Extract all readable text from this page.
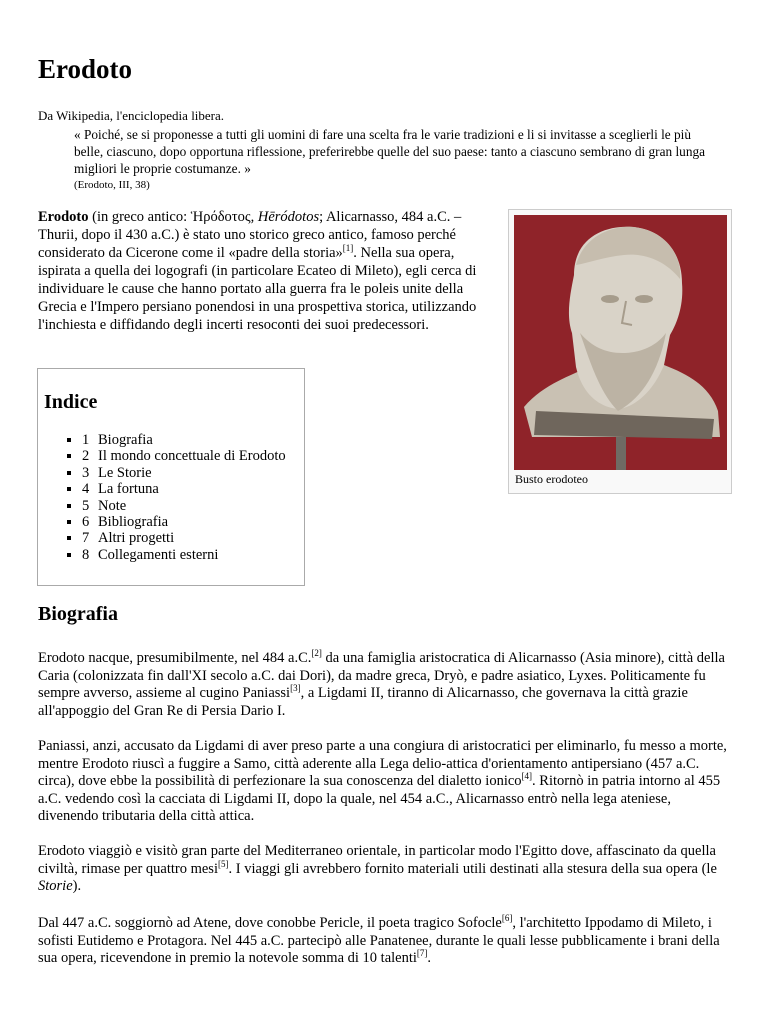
Erodoto
Da Wikipedia, l'enciclopedia libera.
« Poiché, se si proponesse a tutti gli uomini di fare una scelta fra le varie tradizioni e li si invitasse a sceglierli le più belle, ciascuno, dopo opportuna riflessione, preferirebbe quelle del suo paese: tanto a ciascuno sembrano di gran lunga migliori le proprie costumanze. »
(Erodoto, III, 38)
Erodoto (in greco antico: Ἡρόδοτος, Hēródotos; Alicarnasso, 484 a.C. – Thurii, dopo il 430 a.C.) è stato uno storico greco antico, famoso perché considerato da Cicerone come il «padre della storia»[1]. Nella sua opera, ispirata a quella dei logografi (in particolare Ecateo di Mileto), egli cerca di individuare le cause che hanno portato alla guerra fra le poleis unite della Grecia e l'Impero persiano ponendosi in una prospettiva storica, utilizzando l'inchiesta e diffidando degli incerti resoconti dei suoi predecessori.
Busto erodoteo
Indice
▪ 1 Biografia
▪ 2 Il mondo concettuale di Erodoto
▪ 3 Le Storie
▪ 4 La fortuna
▪ 5 Note
▪ 6 Bibliografia
▪ 7 Altri progetti
▪ 8 Collegamenti esterni
Biografia
Erodoto nacque, presumibilmente, nel 484 a.C.[2] da una famiglia aristocratica di Alicarnasso (Asia minore), città della Caria (colonizzata fin dall'XI secolo a.C. dai Dori), da madre greca, Dryò, e padre asiatico, Lyxes. Politicamente fu sempre avverso, assieme al cugino Paniassi[3], a Ligdami II, tiranno di Alicarnasso, che governava la città grazie all'appoggio del Gran Re di Persia Dario I.
Paniassi, anzi, accusato da Ligdami di aver preso parte a una congiura di aristocratici per eliminarlo, fu messo a morte, mentre Erodoto riuscì a fuggire a Samo, città aderente alla Lega delio-attica d'orientamento antipersiano (457 a.C. circa), dove ebbe la possibilità di perfezionare la sua conoscenza del dialetto ionico[4]. Ritornò in patria intorno al 455 a.C. vedendo così la cacciata di Ligdami II, dopo la quale, nel 454 a.C., Alicarnasso entrò nella lega ateniese, divenendo tributaria della città attica.
Erodoto viaggiò e visitò gran parte del Mediterraneo orientale, in particolar modo l'Egitto dove, affascinato da quella civiltà, rimase per quattro mesi[5]. I viaggi gli avrebbero fornito materiali utili destinati alla stesura della sua opera (le Storie).
Dal 447 a.C. soggiornò ad Atene, dove conobbe Pericle, il poeta tragico Sofocle[6], l'architetto Ippodamo di Mileto, i sofisti Eutidemo e Protagora. Nel 445 a.C. partecipò alle Panatenee, durante le quali lesse pubblicamente i brani della sua opera, ricevendone in premio la notevole somma di 10 talenti[7].
